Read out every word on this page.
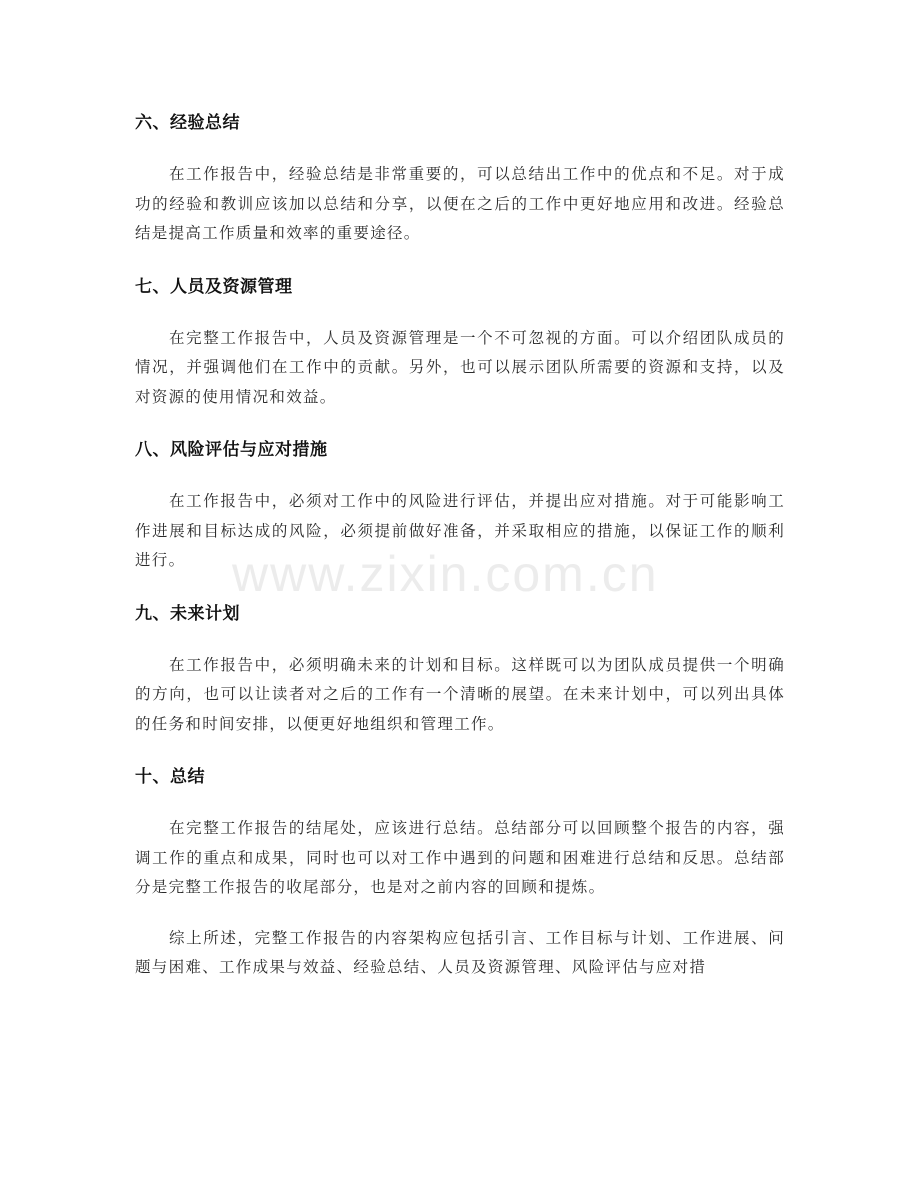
六、经验总结

在工作报告中，经验总结是非常重要的，可以总结出工作中的优点和不足。对于成功的经验和教训应该加以总结和分享，以便在之后的工作中更好地应用和改进。经验总结是提高工作质量和效率的重要途径。

七、人员及资源管理

在完整工作报告中，人员及资源管理是一个不可忽视的方面。可以介绍团队成员的情况，并强调他们在工作中的贡献。另外，也可以展示团队所需要的资源和支持，以及对资源的使用情况和效益。

八、风险评估与应对措施

在工作报告中，必须对工作中的风险进行评估，并提出应对措施。对于可能影响工作进展和目标达成的风险，必须提前做好准备，并采取相应的措施，以保证工作的顺利进行。

九、未来计划

在工作报告中，必须明确未来的计划和目标。这样既可以为团队成员提供一个明确的方向，也可以让读者对之后的工作有一个清晰的展望。在未来计划中，可以列出具体的任务和时间安排，以便更好地组织和管理工作。

十、总结

在完整工作报告的结尾处，应该进行总结。总结部分可以回顾整个报告的内容，强调工作的重点和成果，同时也可以对工作中遇到的问题和困难进行总结和反思。总结部分是完整工作报告的收尾部分，也是对之前内容的回顾和提炼。

综上所述，完整工作报告的内容架构应包括引言、工作目标与计划、工作进展、问题与困难、工作成果与效益、经验总结、人员及资源管理、风险评估与应对措

www.zixin.com.cn
